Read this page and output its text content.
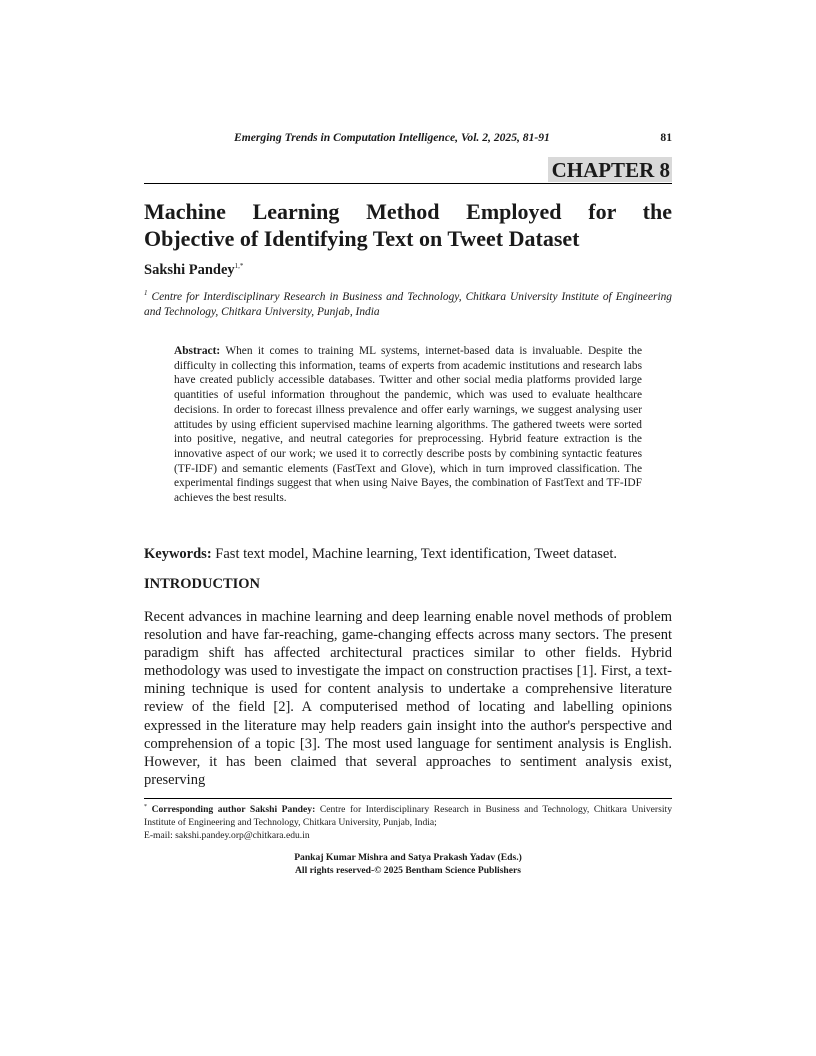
Emerging Trends in Computation Intelligence, Vol. 2, 2025, 81-91	81
CHAPTER 8
Machine Learning Method Employed for the
Objective of Identifying Text on Tweet Dataset
Sakshi Pandey$^{1,*}$
$^1$ Centre for Interdisciplinary Research in Business and Technology, Chitkara University Institute of Engineering and Technology, Chitkara University, Punjab, India
Abstract: When it comes to training ML systems, internet-based data is invaluable. Despite the difficulty in collecting this information, teams of experts from academic institutions and research labs have created publicly accessible databases. Twitter and other social media platforms provided large quantities of useful information throughout the pandemic, which was used to evaluate healthcare decisions. In order to forecast illness prevalence and offer early warnings, we suggest analysing user attitudes by using efficient supervised machine learning algorithms. The gathered tweets were sorted into positive, negative, and neutral categories for preprocessing. Hybrid feature extraction is the innovative aspect of our work; we used it to correctly describe posts by combining syntactic features (TF-IDF) and semantic elements (FastText and Glove), which in turn improved classification. The experimental findings suggest that when using Naive Bayes, the combination of FastText and TF-IDF achieves the best results.
Keywords: Fast text model, Machine learning, Text identification, Tweet dataset.
INTRODUCTION
Recent advances in machine learning and deep learning enable novel methods of problem resolution and have far-reaching, game-changing effects across many sectors. The present paradigm shift has affected architectural practices similar to other fields. Hybrid methodology was used to investigate the impact on construction practises [1]. First, a text-mining technique is used for content analysis to undertake a comprehensive literature review of the field [2]. A computerised method of locating and labelling opinions expressed in the literature may help readers gain insight into the author's perspective and comprehension of a topic [3]. The most used language for sentiment analysis is English. However, it has been claimed that several approaches to sentiment analysis exist, preserving
* Corresponding author Sakshi Pandey: Centre for Interdisciplinary Research in Business and Technology, Chitkara University Institute of Engineering and Technology, Chitkara University, Punjab, India;
E-mail: sakshi.pandey.orp@chitkara.edu.in
Pankaj Kumar Mishra and Satya Prakash Yadav (Eds.)
All rights reserved-© 2025 Bentham Science Publishers
